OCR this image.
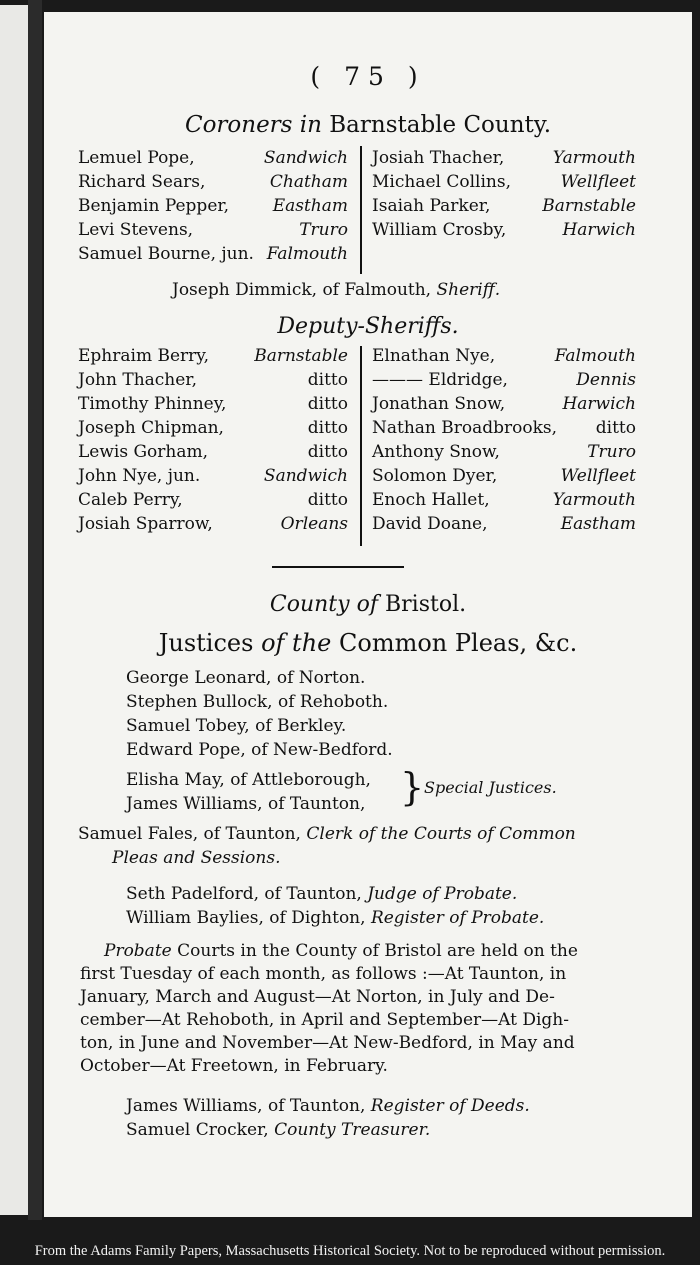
( 75 )
Coroners in Barnstable County.
Lemuel Pope,	Sandwich
Richard Sears,	Chatham
Benjamin Pepper,	Eastham
Levi Stevens,	Truro
Samuel Bourne, jun. Falmouth
Josiah Thacher,	Yarmouth
Michael Collins,	Wellfleet
Isaiah Parker,	Barnstable
William Crosby,	Harwich
Joseph Dimmick, of Falmouth, Sheriff.
Deputy-Sheriffs.
Ephraim Berry,	Barnstable
John Thacher,	ditto
Timothy Phinney,	ditto
Joseph Chipman,	ditto
Lewis Gorham,	ditto
John Nye, jun.	Sandwich
Caleb Perry,	ditto
Josiah Sparrow,	Orleans
Elnathan Nye,	Falmouth
——— Eldridge,	Dennis
Jonathan Snow,	Harwich
Nathan Broadbrooks, ditto
Anthony Snow,	Truro
Solomon Dyer,	Wellfleet
Enoch Hallet,	Yarmouth
David Doane,	Eastham
County of Bristol.
Justices of the Common Pleas, &c.
George Leonard, of Norton.
Stephen Bullock, of Rehoboth.
Samuel Tobey, of Berkley.
Edward Pope, of New-Bedford.
Elisha May, of Attleborough,
James Williams, of Taunton, } Special Justices.
Samuel Fales, of Taunton, Clerk of the Courts of Common
Pleas and Sessions.
Seth Padelford, of Taunton, Judge of Probate.
William Baylies, of Dighton, Register of Probate.
Probate Courts in the County of Bristol are held on the
first Tuesday of each month, as follows :—At Taunton, in
January, March and August—At Norton, in July and De-
cember—At Rehoboth, in April and September—At Digh-
ton, in June and November—At New-Bedford, in May and
October—At Freetown, in February.
James Williams, of Taunton, Register of Deeds.
Samuel Crocker, County Treasurer.
From the Adams Family Papers, Massachusetts Historical Society. Not to be reproduced without permission.
